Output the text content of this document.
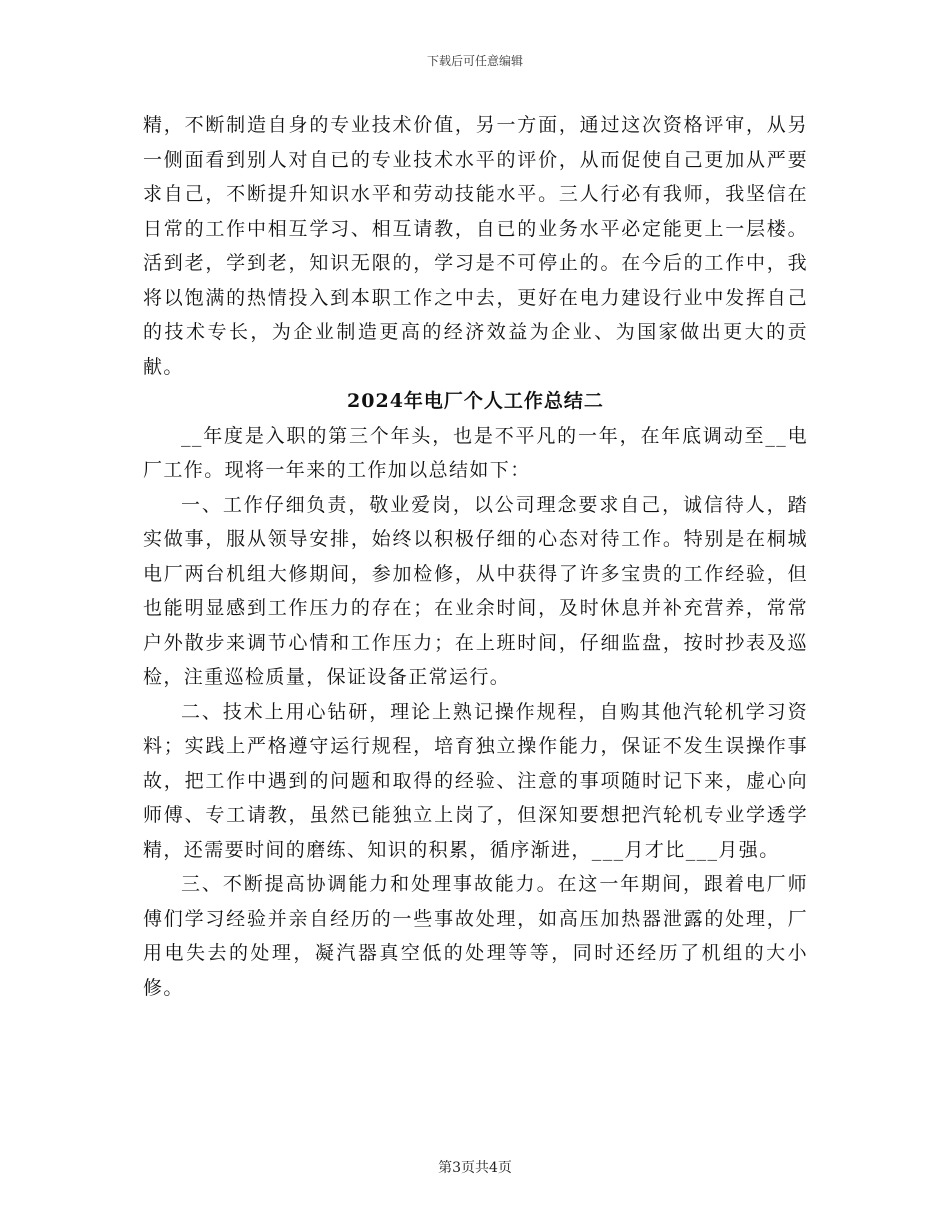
下载后可任意编辑

精，不断制造自身的专业技术价值，另一方面，通过这次资格评审，从另一侧面看到别人对自已的专业技术水平的评价，从而促使自己更加从严要求自己，不断提升知识水平和劳动技能水平。三人行必有我师，我坚信在日常的工作中相互学习、相互请教，自已的业务水平必定能更上一层楼。活到老，学到老，知识无限的，学习是不可停止的。在今后的工作中，我将以饱满的热情投入到本职工作之中去，更好在电力建设行业中发挥自己的技术专长，为企业制造更高的经济效益为企业、为国家做出更大的贡献。

2024年电厂个人工作总结二

__年度是入职的第三个年头，也是不平凡的一年，在年底调动至__电厂工作。现将一年来的工作加以总结如下：

一、工作仔细负责，敬业爱岗，以公司理念要求自己，诚信待人，踏实做事，服从领导安排，始终以积极仔细的心态对待工作。特别是在桐城电厂两台机组大修期间，参加检修，从中获得了许多宝贵的工作经验，但也能明显感到工作压力的存在；在业余时间，及时休息并补充营养，常常户外散步来调节心情和工作压力；在上班时间，仔细监盘，按时抄表及巡检，注重巡检质量，保证设备正常运行。

二、技术上用心钻研，理论上熟记操作规程，自购其他汽轮机学习资料；实践上严格遵守运行规程，培育独立操作能力，保证不发生误操作事故，把工作中遇到的问题和取得的经验、注意的事项随时记下来，虚心向师傅、专工请教，虽然已能独立上岗了，但深知要想把汽轮机专业学透学精，还需要时间的磨练、知识的积累，循序渐进，___月才比___月强。

三、不断提高协调能力和处理事故能力。在这一年期间，跟着电厂师傅们学习经验并亲自经历的一些事故处理，如高压加热器泄露的处理，厂用电失去的处理，凝汽器真空低的处理等等，同时还经历了机组的大小修。

第3页共4页
